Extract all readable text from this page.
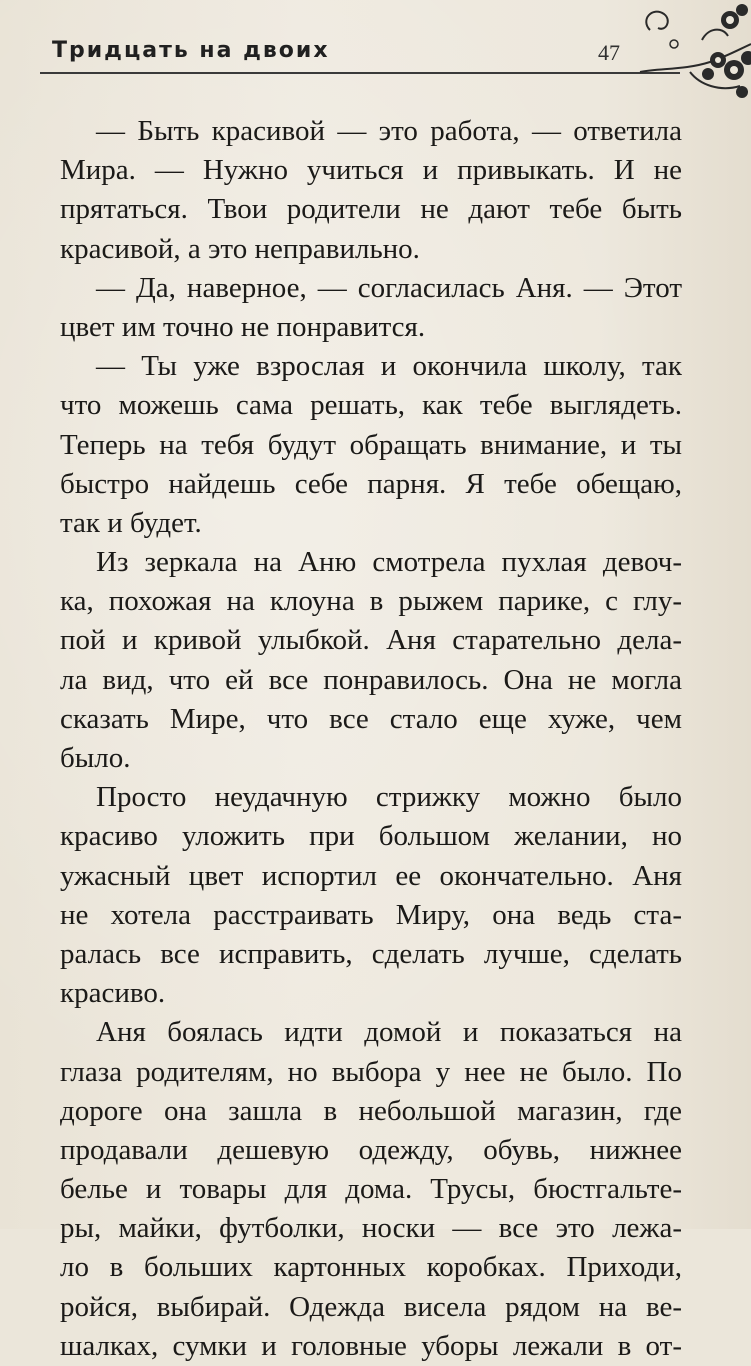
Тридцать на двоих	47
— Быть красивой — это работа, — ответила
Мира. — Нужно учиться и привыкать. И не
прятаться. Твои родители не дают тебе быть
красивой, а это неправильно.
— Да, наверное, — согласилась Аня. — Этот
цвет им точно не понравится.
— Ты уже взрослая и окончила школу, так
что можешь сама решать, как тебе выглядеть.
Теперь на тебя будут обращать внимание, и ты
быстро найдешь себе парня. Я тебе обещаю,
так и будет.
Из зеркала на Аню смотрела пухлая девоч-
ка, похожая на клоуна в рыжем парике, с глу-
пой и кривой улыбкой. Аня старательно дела-
ла вид, что ей все понравилось. Она не могла
сказать Мире, что все стало еще хуже, чем
было.
Просто неудачную стрижку можно было
красиво уложить при большом желании, но
ужасный цвет испортил ее окончательно. Аня
не хотела расстраивать Миру, она ведь ста-
ралась все исправить, сделать лучше, сделать
красиво.
Аня боялась идти домой и показаться на
глаза родителям, но выбора у нее не было. По
дороге она зашла в небольшой магазин, где
продавали дешевую одежду, обувь, нижнее
белье и товары для дома. Трусы, бюстгальте-
ры, майки, футболки, носки — все это лежа-
ло в больших картонных коробках. Приходи,
ройся, выбирай. Одежда висела рядом на ве-
шалках, сумки и головные уборы лежали в от-
